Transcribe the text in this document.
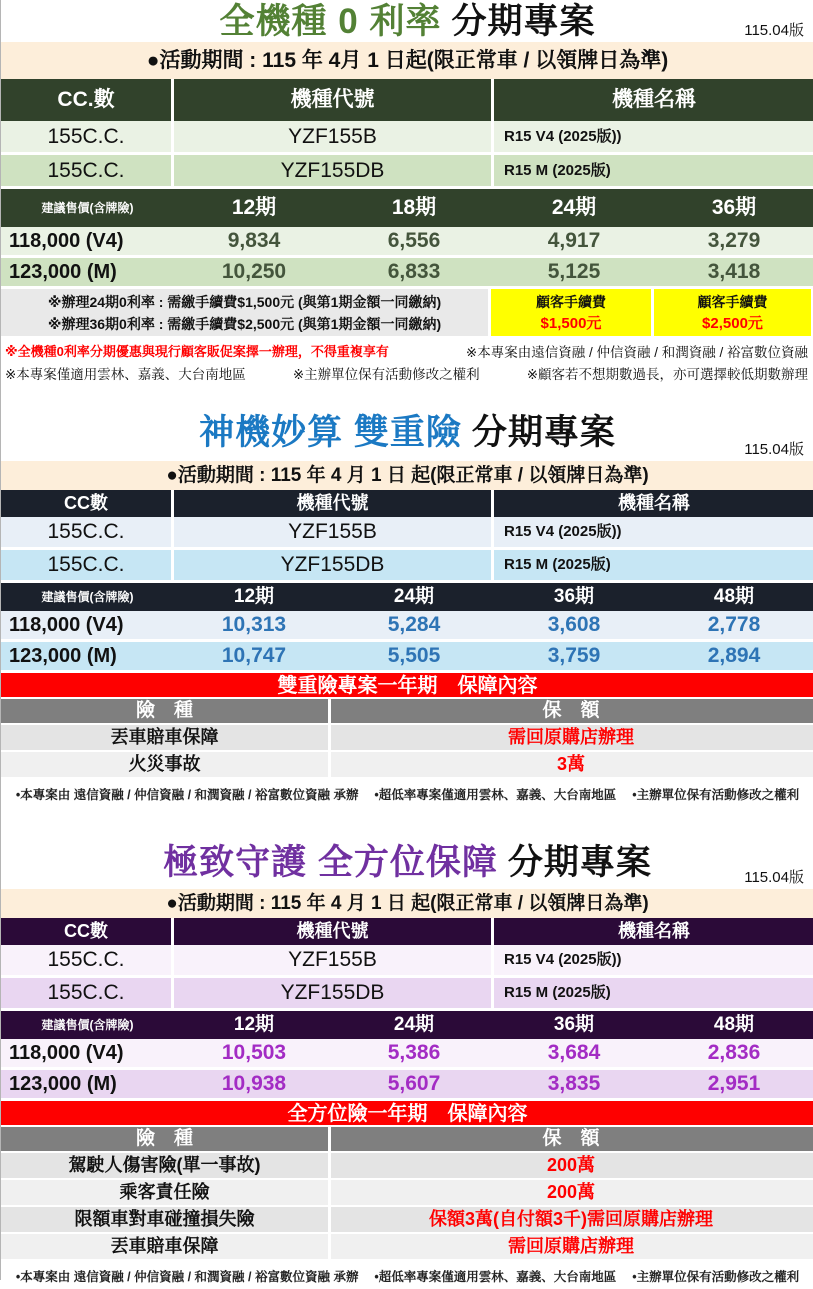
全機種 0 利率 分期專案	115.04版
●活動期間 : 115 年 4月 1 日起(限正常車 / 以領牌日為準)
CC.數	機種代號	機種名稱
155C.C.	YZF155B	R15 V4 (2025版))
155C.C.	YZF155DB	R15 M (2025版)
建議售價(含牌險)	12期	18期	24期	36期
118,000 (V4)	9,834	6,556	4,917	3,279
123,000 (M)	10,250	6,833	5,125	3,418
※辦理24期0利率 : 需繳手續費$1,500元 (與第1期金額一同繳納)
※辦理36期0利率 : 需繳手續費$2,500元 (與第1期金額一同繳納)
顧客手續費
$1,500元
顧客手續費
$2,500元
※全機種0利率分期優惠與現行顧客販促案擇一辦理，不得重複享有	※本專案由遠信資融 / 仲信資融 / 和潤資融 / 裕富數位資融
※本專案僅適用雲林、嘉義、大台南地區	※主辦單位保有活動修改之權利	※顧客若不想期數過長，亦可選擇較低期數辦理
神機妙算 雙重險 分期專案	115.04版
●活動期間 : 115 年 4 月 1 日 起(限正常車 / 以領牌日為準)
CC數	機種代號	機種名稱
155C.C.	YZF155B	R15 V4 (2025版))
155C.C.	YZF155DB	R15 M (2025版)
建議售價(含牌險)	12期	24期	36期	48期
118,000 (V4)	10,313	5,284	3,608	2,778
123,000 (M)	10,747	5,505	3,759	2,894
雙重險專案一年期　保障內容
險　種	保　額
丟車賠車保障	需回原購店辦理
火災事故	3萬
•本專案由 遠信資融 / 仲信資融 / 和潤資融 / 裕富數位資融 承辦　 •超低率專案僅適用雲林、嘉義、大台南地區　 •主辦單位保有活動修改之權利
極致守護 全方位保障 分期專案	115.04版
●活動期間 : 115 年 4 月 1 日 起(限正常車 / 以領牌日為準)
CC數	機種代號	機種名稱
155C.C.	YZF155B	R15 V4 (2025版))
155C.C.	YZF155DB	R15 M (2025版)
建議售價(含牌險)	12期	24期	36期	48期
118,000 (V4)	10,503	5,386	3,684	2,836
123,000 (M)	10,938	5,607	3,835	2,951
全方位險一年期　保障內容
險　種	保　額
駕駛人傷害險(單一事故)	200萬
乘客責任險	200萬
限額車對車碰撞損失險	保額3萬(自付額3千)需回原購店辦理
丟車賠車保障	需回原購店辦理
•本專案由 遠信資融 / 仲信資融 / 和潤資融 / 裕富數位資融 承辦　 •超低率專案僅適用雲林、嘉義、大台南地區　 •主辦單位保有活動修改之權利
